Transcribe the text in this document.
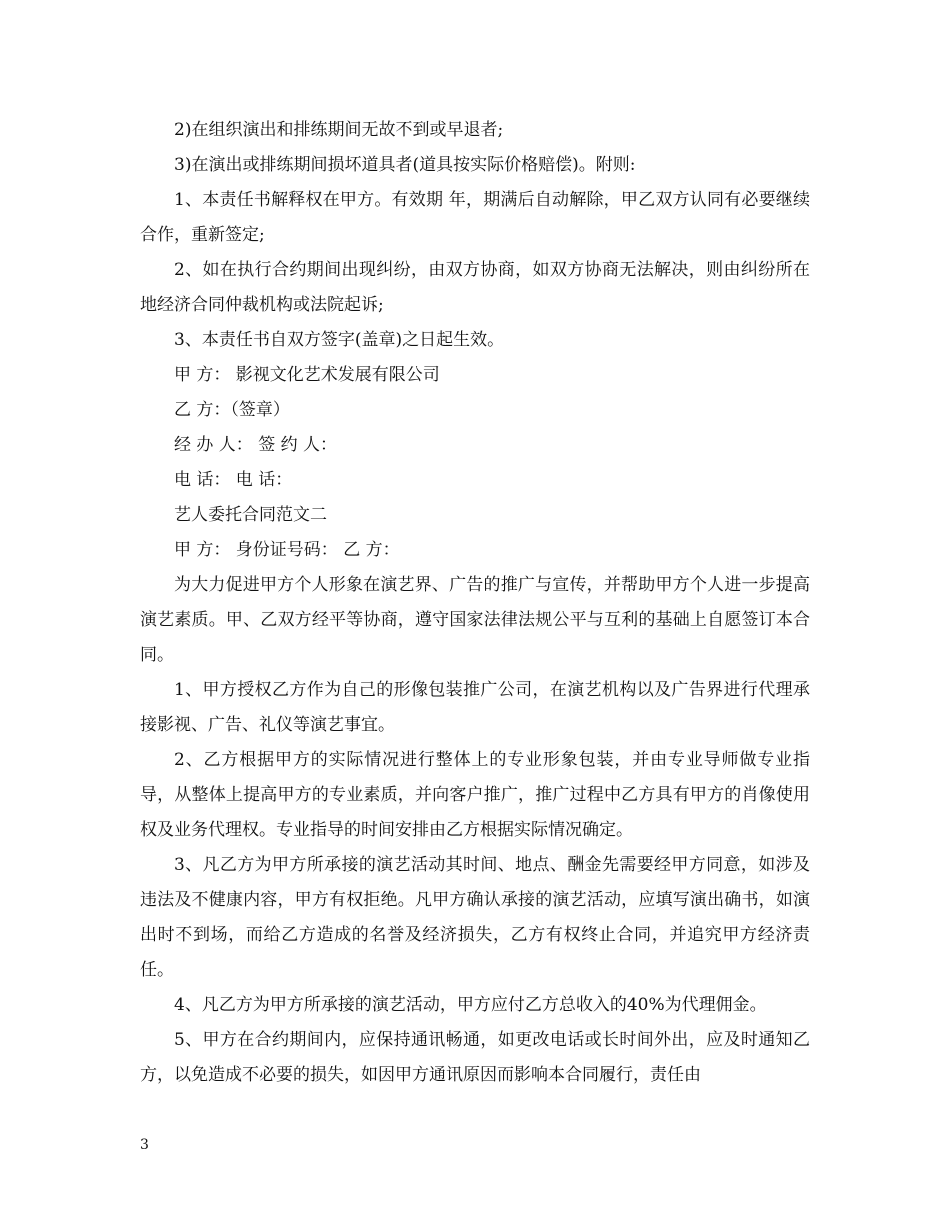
2)在组织演出和排练期间无故不到或早退者;

3)在演出或排练期间损坏道具者(道具按实际价格赔偿)。附则:

1、本责任书解释权在甲方。有效期 年，期满后自动解除，甲乙双方认同有必要继续合作，重新签定;

2、如在执行合约期间出现纠纷，由双方协商，如双方协商无法解决，则由纠纷所在地经济合同仲裁机构或法院起诉;

3、本责任书自双方签字(盖章)之日起生效。

甲 方： 影视文化艺术发展有限公司

乙 方：（签章）

经 办 人： 签 约 人：

电 话： 电 话：

艺人委托合同范文二

甲 方： 身份证号码： 乙 方：

为大力促进甲方个人形象在演艺界、广告的推广与宣传，并帮助甲方个人进一步提高演艺素质。甲、乙双方经平等协商，遵守国家法律法规公平与互利的基础上自愿签订本合同。

1、甲方授权乙方作为自己的形像包装推广公司，在演艺机构以及广告界进行代理承接影视、广告、礼仪等演艺事宜。

2、乙方根据甲方的实际情况进行整体上的专业形象包装，并由专业导师做专业指导，从整体上提高甲方的专业素质，并向客户推广，推广过程中乙方具有甲方的肖像使用权及业务代理权。专业指导的时间安排由乙方根据实际情况确定。

3、凡乙方为甲方所承接的演艺活动其时间、地点、酬金先需要经甲方同意，如涉及违法及不健康内容，甲方有权拒绝。凡甲方确认承接的演艺活动，应填写演出确书，如演出时不到场，而给乙方造成的名誉及经济损失，乙方有权终止合同，并追究甲方经济责任。

4、凡乙方为甲方所承接的演艺活动，甲方应付乙方总收入的40%为代理佣金。

5、甲方在合约期间内，应保持通讯畅通，如更改电话或长时间外出，应及时通知乙方，以免造成不必要的损失，如因甲方通讯原因而影响本合同履行，责任由

3
